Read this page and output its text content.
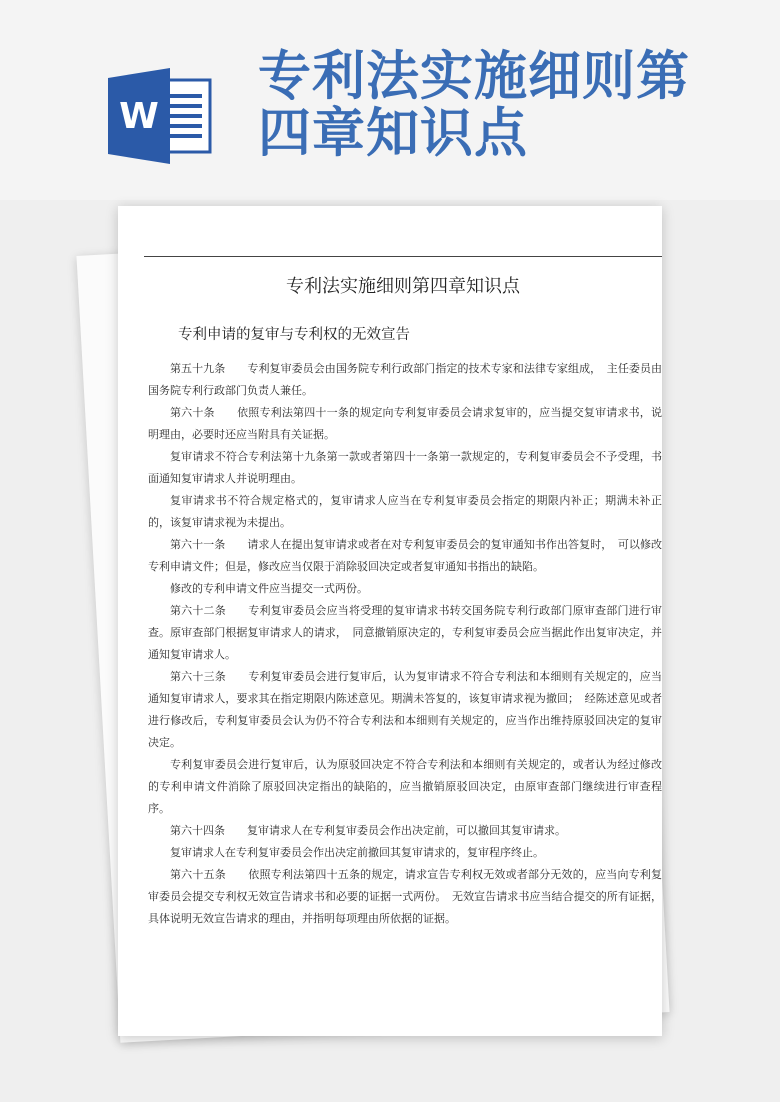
W
专利法实施细则第
四章知识点
专利法实施细则第四章知识点
专利申请的复审与专利权的无效宣告

第五十九条　　专利复审委员会由国务院专利行政部门指定的技术专家和法律专家组成，　主任委员由国务院专利行政部门负责人兼任。

第六十条　　依照专利法第四十一条的规定向专利复审委员会请求复审的，应当提交复审请求书，说明理由，必要时还应当附具有关证据。

复审请求不符合专利法第十九条第一款或者第四十一条第一款规定的，专利复审委员会不予受理，书面通知复审请求人并说明理由。

复审请求书不符合规定格式的，复审请求人应当在专利复审委员会指定的期限内补正；期满未补正的，该复审请求视为未提出。

第六十一条　　请求人在提出复审请求或者在对专利复审委员会的复审通知书作出答复时，　可以修改专利申请文件；但是，修改应当仅限于消除驳回决定或者复审通知书指出的缺陷。

修改的专利申请文件应当提交一式两份。

第六十二条　　专利复审委员会应当将受理的复审请求书转交国务院专利行政部门原审查部门进行审查。原审查部门根据复审请求人的请求，　同意撤销原决定的，专利复审委员会应当据此作出复审决定，并通知复审请求人。

第六十三条　　专利复审委员会进行复审后，认为复审请求不符合专利法和本细则有关规定的，应当通知复审请求人，要求其在指定期限内陈述意见。期满未答复的，该复审请求视为撤回；　经陈述意见或者进行修改后，专利复审委员会认为仍不符合专利法和本细则有关规定的，应当作出维持原驳回决定的复审决定。

专利复审委员会进行复审后，认为原驳回决定不符合专利法和本细则有关规定的，或者认为经过修改的专利申请文件消除了原驳回决定指出的缺陷的，应当撤销原驳回决定，由原审查部门继续进行审查程序。

第六十四条　　复审请求人在专利复审委员会作出决定前，可以撤回其复审请求。

复审请求人在专利复审委员会作出决定前撤回其复审请求的，复审程序终止。

第六十五条　　依照专利法第四十五条的规定，请求宣告专利权无效或者部分无效的，应当向专利复审委员会提交专利权无效宣告请求书和必要的证据一式两份。　无效宣告请求书应当结合提交的所有证据，具体说明无效宣告请求的理由，并指明每项理由所依据的证据。
